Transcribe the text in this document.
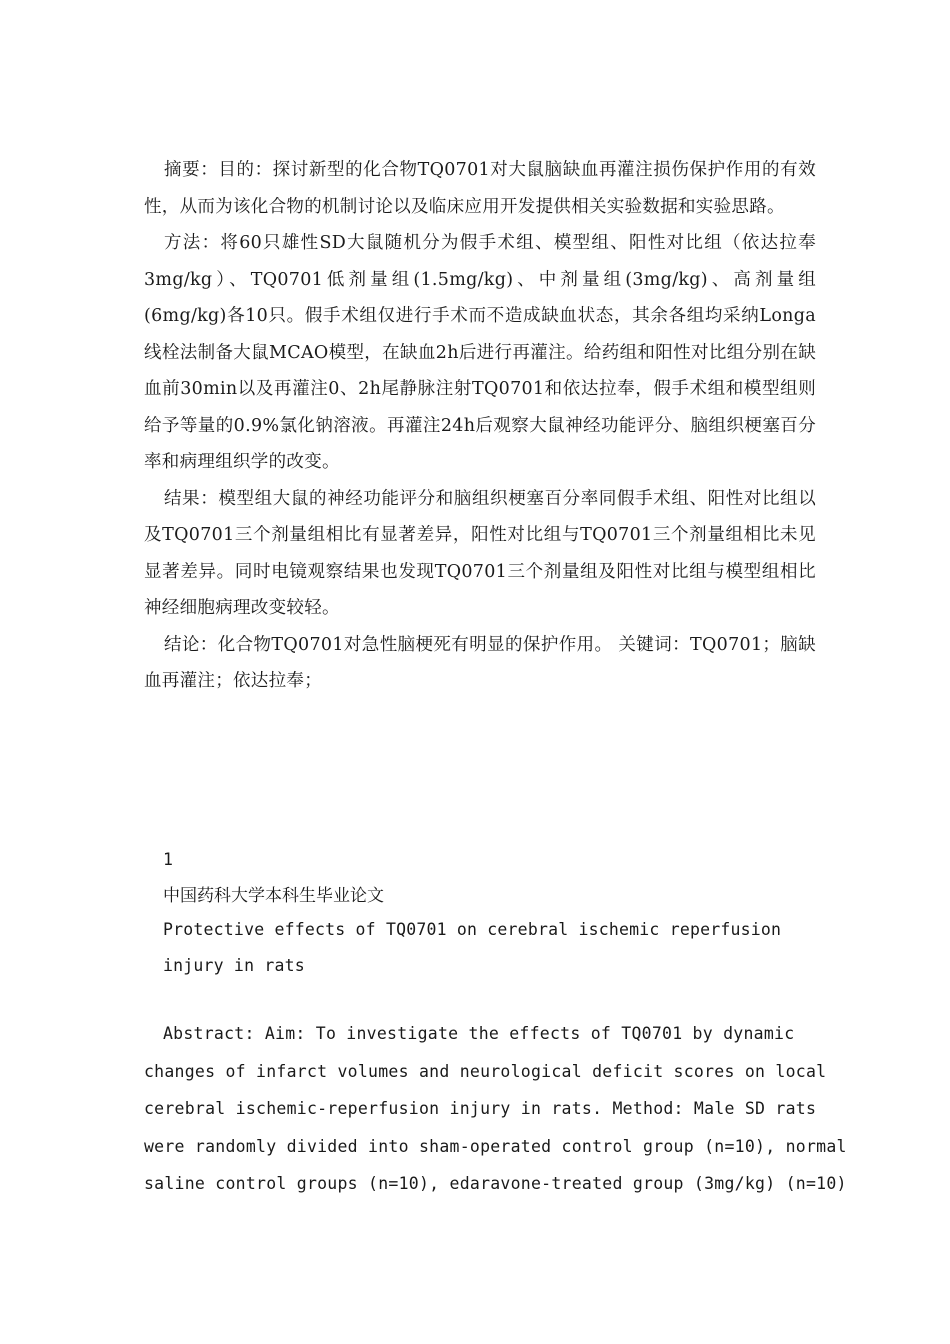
摘要：目的：探讨新型的化合物TQ0701对大鼠脑缺血再灌注损伤保护作用的有效性，从而为该化合物的机制讨论以及临床应用开发提供相关实验数据和实验思路。

方法：将60只雄性SD大鼠随机分为假手术组、模型组、阳性对比组（依达拉奉3mg/kg）、TQ0701低剂量组(1.5mg/kg)、中剂量组(3mg/kg)、高剂量组(6mg/kg)各10只。假手术组仅进行手术而不造成缺血状态，其余各组均采纳Longa线栓法制备大鼠MCAO模型，在缺血2h后进行再灌注。给药组和阳性对比组分别在缺血前30min以及再灌注0、2h尾静脉注射TQ0701和依达拉奉，假手术组和模型组则给予等量的0.9%氯化钠溶液。再灌注24h后观察大鼠神经功能评分、脑组织梗塞百分率和病理组织学的改变。

结果：模型组大鼠的神经功能评分和脑组织梗塞百分率同假手术组、阳性对比组以及TQ0701三个剂量组相比有显著差异，阳性对比组与TQ0701三个剂量组相比未见显著差异。同时电镜观察结果也发现TQ0701三个剂量组及阳性对比组与模型组相比神经细胞病理改变较轻。

结论：化合物TQ0701对急性脑梗死有明显的保护作用。 关键词：TQ0701；脑缺血再灌注；依达拉奉；

1
中国药科大学本科生毕业论文
Protective effects of TQ0701 on cerebral ischemic reperfusion
injury in rats
Abstract: Aim: To investigate the effects of TQ0701 by dynamic
changes of infarct volumes and neurological deficit scores on local
cerebral ischemic-reperfusion injury in rats. Method: Male SD rats
were randomly divided into sham-operated control group (n=10), normal
saline control groups (n=10), edaravone-treated group (3mg/kg) (n=10)
